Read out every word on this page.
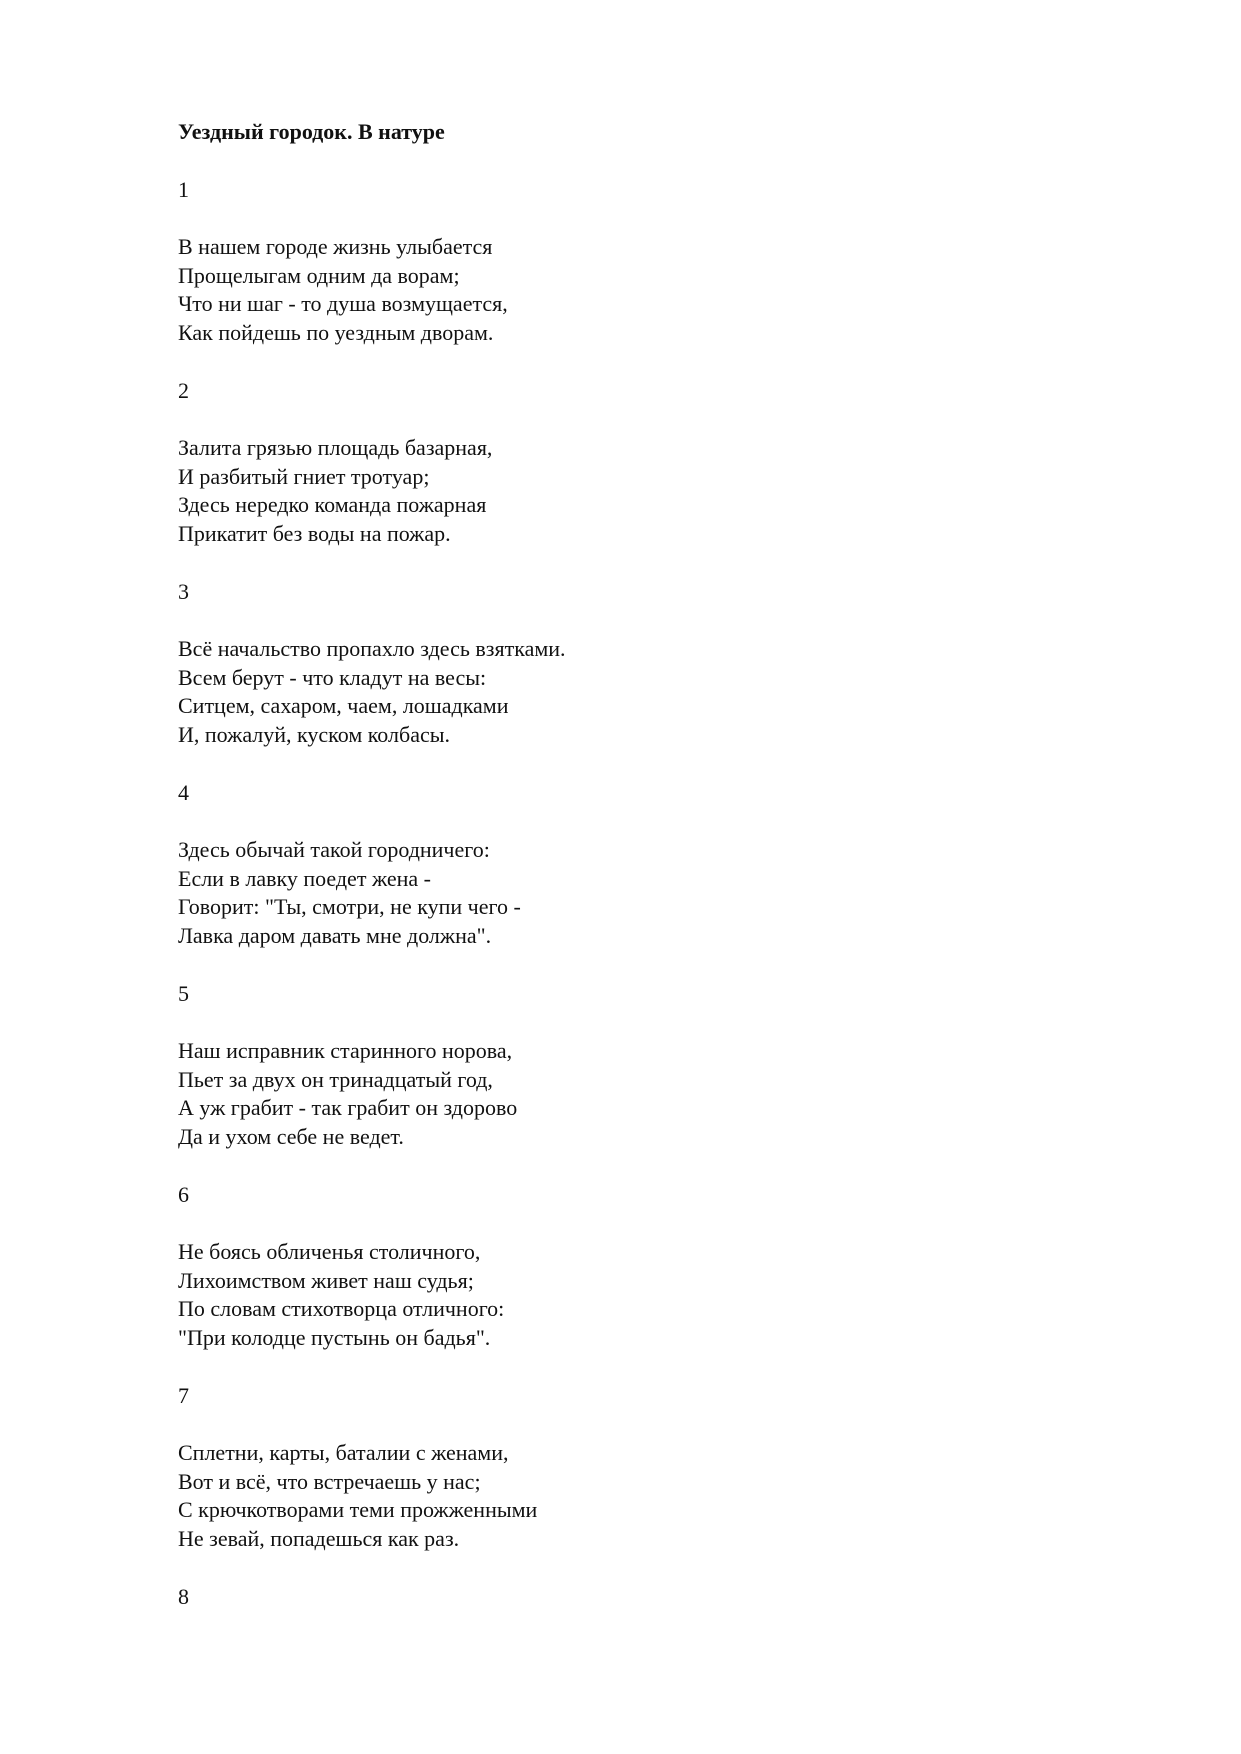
Уездный городок. В натуре
1
В нашем городе жизнь улыбается
Прощелыгам одним да ворам;
Что ни шаг - то душа возмущается,
Как пойдешь по уездным дворам.
2
Залита грязью площадь базарная,
И разбитый гниет тротуар;
Здесь нередко команда пожарная
Прикатит без воды на пожар.
3
Всё начальство пропахло здесь взятками.
Всем берут - что кладут на весы:
Ситцем, сахаром, чаем, лошадками
И, пожалуй, куском колбасы.
4
Здесь обычай такой городничего:
Если в лавку поедет жена -
Говорит: "Ты, смотри, не купи чего -
Лавка даром давать мне должна".
5
Наш исправник старинного норова,
Пьет за двух он тринадцатый год,
А уж грабит - так грабит он здорово
Да и ухом себе не ведет.
6
Не боясь обличенья столичного,
Лихоимством живет наш судья;
По словам стихотворца отличного:
"При колодце пустынь он бадья".
7
Сплетни, карты, баталии с женами,
Вот и всё, что встречаешь у нас;
С крючкотворами теми прожженными
Не зевай, попадешься как раз.
8
